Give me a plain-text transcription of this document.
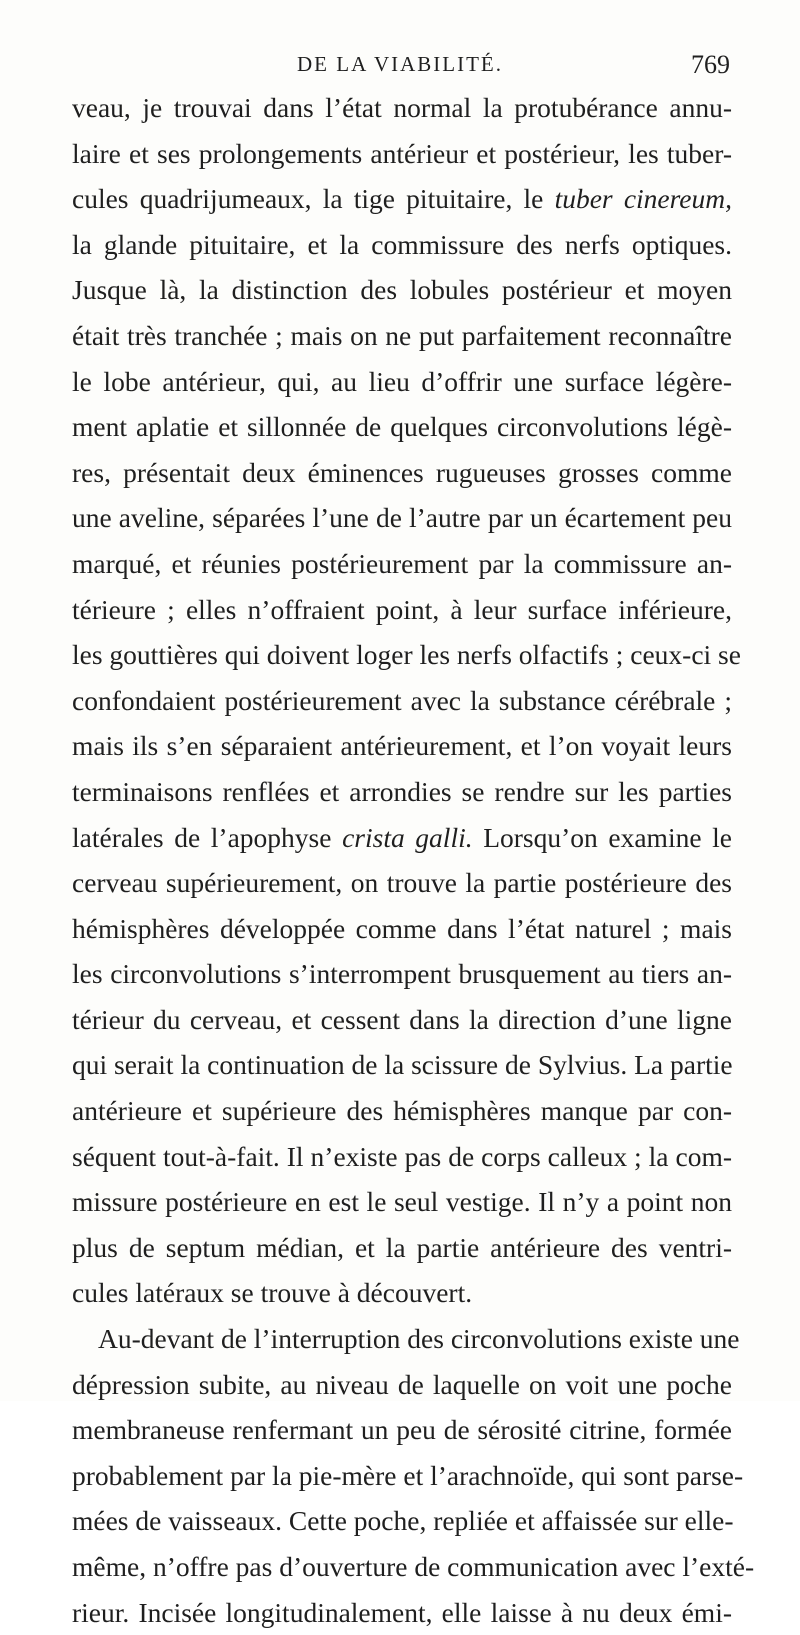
DE LA VIABILITÉ.	769
veau, je trouvai dans l’état normal la protubérance annu-
laire et ses prolongements antérieur et postérieur, les tuber-
cules quadrijumeaux, la tige pituitaire, le tuber cinereum,
la glande pituitaire, et la commissure des nerfs optiques.
Jusque là, la distinction des lobules postérieur et moyen
était très tranchée ; mais on ne put parfaitement reconnaître
le lobe antérieur, qui, au lieu d’offrir une surface légère-
ment aplatie et sillonnée de quelques circonvolutions légè-
res, présentait deux éminences rugueuses grosses comme
une aveline, séparées l’une de l’autre par un écartement peu
marqué, et réunies postérieurement par la commissure an-
térieure ; elles n’offraient point, à leur surface inférieure,
les gouttières qui doivent loger les nerfs olfactifs ; ceux-ci se
confondaient postérieurement avec la substance cérébrale ;
mais ils s’en séparaient antérieurement, et l’on voyait leurs
terminaisons renflées et arrondies se rendre sur les parties
latérales de l’apophyse crista galli. Lorsqu’on examine le
cerveau supérieurement, on trouve la partie postérieure des
hémisphères développée comme dans l’état naturel ; mais
les circonvolutions s’interrompent brusquement au tiers an-
térieur du cerveau, et cessent dans la direction d’une ligne
qui serait la continuation de la scissure de Sylvius. La partie
antérieure et supérieure des hémisphères manque par con-
séquent tout-à-fait. Il n’existe pas de corps calleux ; la com-
missure postérieure en est le seul vestige. Il n’y a point non
plus de septum médian, et la partie antérieure des ventri-
cules latéraux se trouve à découvert.
Au-devant de l’interruption des circonvolutions existe une
dépression subite, au niveau de laquelle on voit une poche
membraneuse renfermant un peu de sérosité citrine, formée
probablement par la pie-mère et l’arachnoïde, qui sont parse-
mées de vaisseaux. Cette poche, repliée et affaissée sur elle-
même, n’offre pas d’ouverture de communication avec l’exté-
rieur. Incisée longitudinalement, elle laisse à nu deux émi-
